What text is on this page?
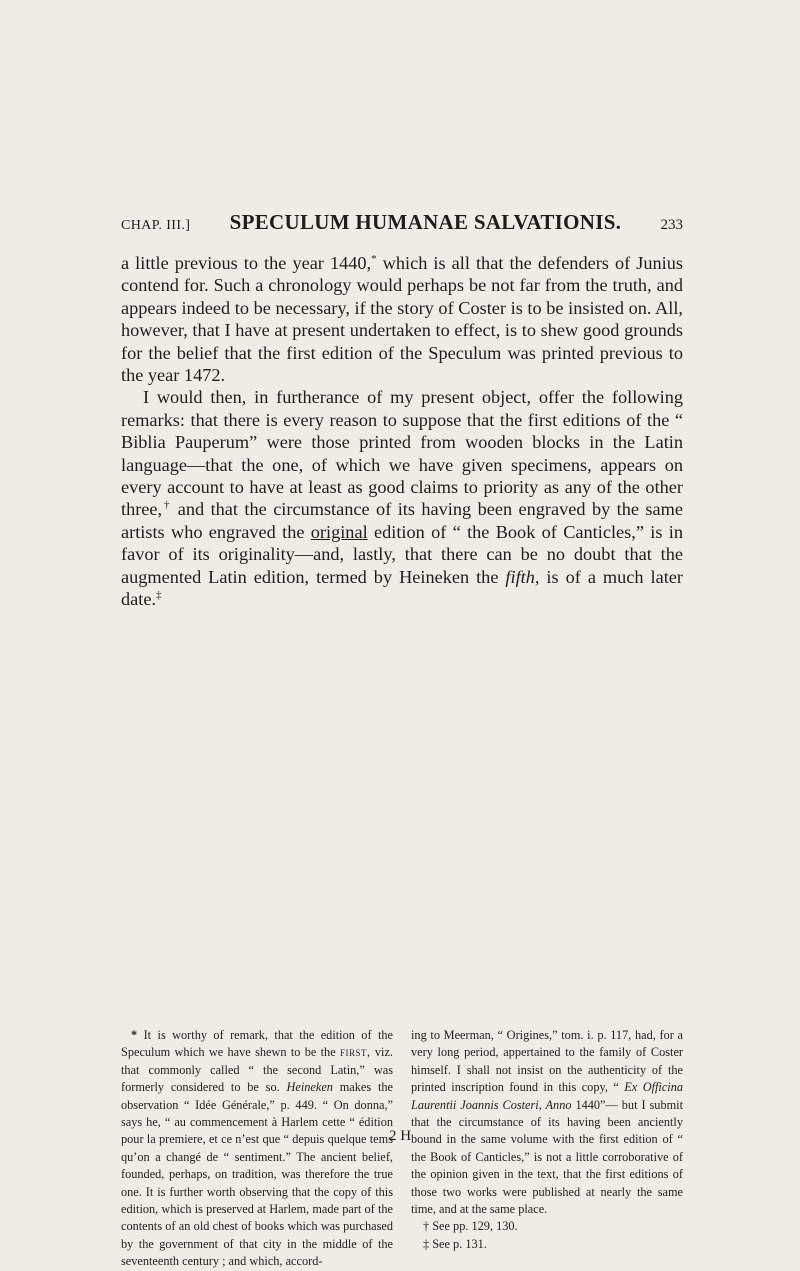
CHAP. III.] SPECULUM HUMANAE SALVATIONIS.	233

a little previous to the year 1440,* which is all that the defenders of Junius contend for. Such a chronology would perhaps be not far from the truth, and appears indeed to be necessary, if the story of Coster is to be insisted on. All, however, that I have at present undertaken to effect, is to shew good grounds for the belief that the first edition of the Speculum was printed previous to the year 1472.

I would then, in furtherance of my present object, offer the following remarks: that there is every reason to suppose that the first editions of the “ Biblia Pauperum” were those printed from wooden blocks in the Latin language—that the one, of which we have given specimens, appears on every account to have at least as good claims to priority as any of the other three,† and that the circumstance of its having been engraved by the same artists who engraved the original edition of “ the Book of Canticles,” is in favor of its originality—and, lastly, that there can be no doubt that the augmented Latin edition, termed by Heineken the fifth, is of a much later date.‡

* It is worthy of remark, that the edition of the Speculum which we have shewn to be the first, viz. that commonly called “ the second Latin,” was formerly considered to be so. Heineken makes the observation “ Idée Générale,” p. 449. “ On donna,” says he, “ au commencement à Harlem cette “ édition pour la premiere, et ce n’est que “ depuis quelque tems qu’on a changé de “ sentiment.” The ancient belief, founded, perhaps, on tradition, was therefore the true one. It is further worth observing that the copy of this edition, which is preserved at Harlem, made part of the contents of an old chest of books which was purchased by the government of that city in the middle of the seventeenth century ; and which, accord-

ing to Meerman, “ Origines,” tom. i. p. 117, had, for a very long period, appertained to the family of Coster himself. I shall not insist on the authenticity of the printed inscription found in this copy, “ Ex Officina Laurentii Joannis Costeri, Anno 1440”— but I submit that the circumstance of its having been anciently bound in the same volume with the first edition of “ the Book of Canticles,” is not a little corroborative of the opinion given in the text, that the first editions of those two works were published at nearly the same time, and at the same place.

† See pp. 129, 130.

‡ See p. 131.

2 H
